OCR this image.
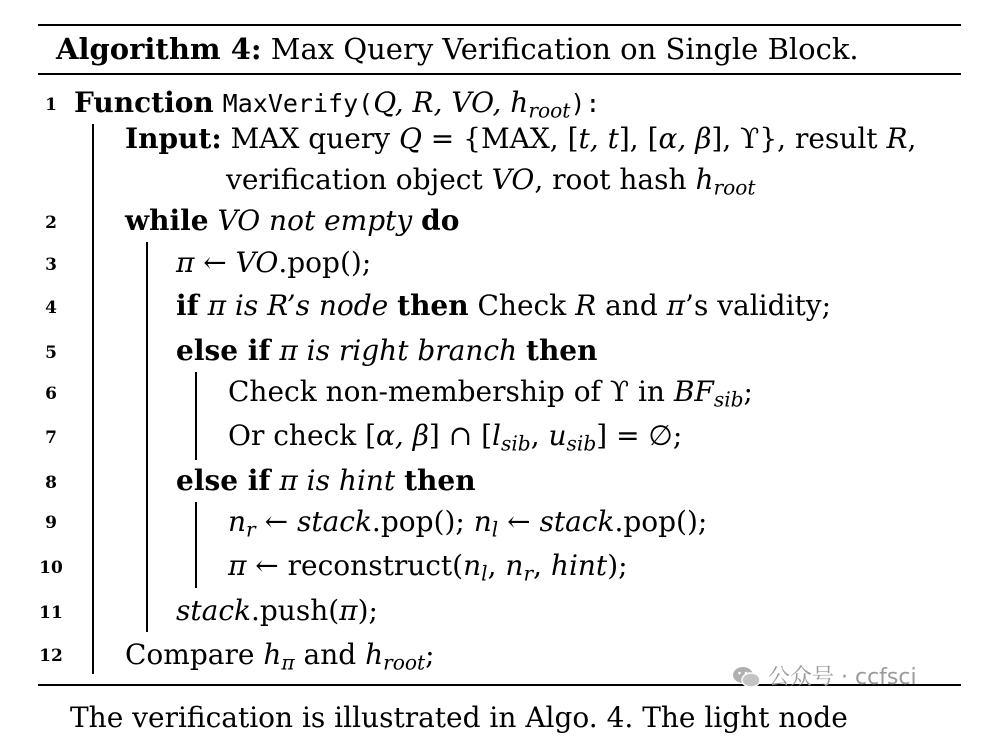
Algorithm 4: Max Query Verification on Single Block.
1
2
3
4
5
6
7
8
9
10
11
12
Function MaxVerify(Q, R, VO, $h_{root}$):
Input: MAX query Q = {MAX, [t, t], [α, β], ϒ}, result R,
verification object VO, root hash $h_{root}$
while VO not empty do
π ← VO.pop();
if π is R’s node then Check R and π’s validity;
else if π is right branch then
Check non-membership of ϒ in $BF_{sib}$;
Or check [α, β] ∩ [$l_{sib}$, $u_{sib}$] = ∅;
else if π is hint then
$n_r$ ← stack.pop(); $n_l$ ← stack.pop();
π ← $reconstruct(n_l$, $n_r$, hint);
stack.push(π);
Compare $h_\pi$ and $h_{root}$;
公众号 · ccfsci
The verification is illustrated in Algo. 4. The light node
